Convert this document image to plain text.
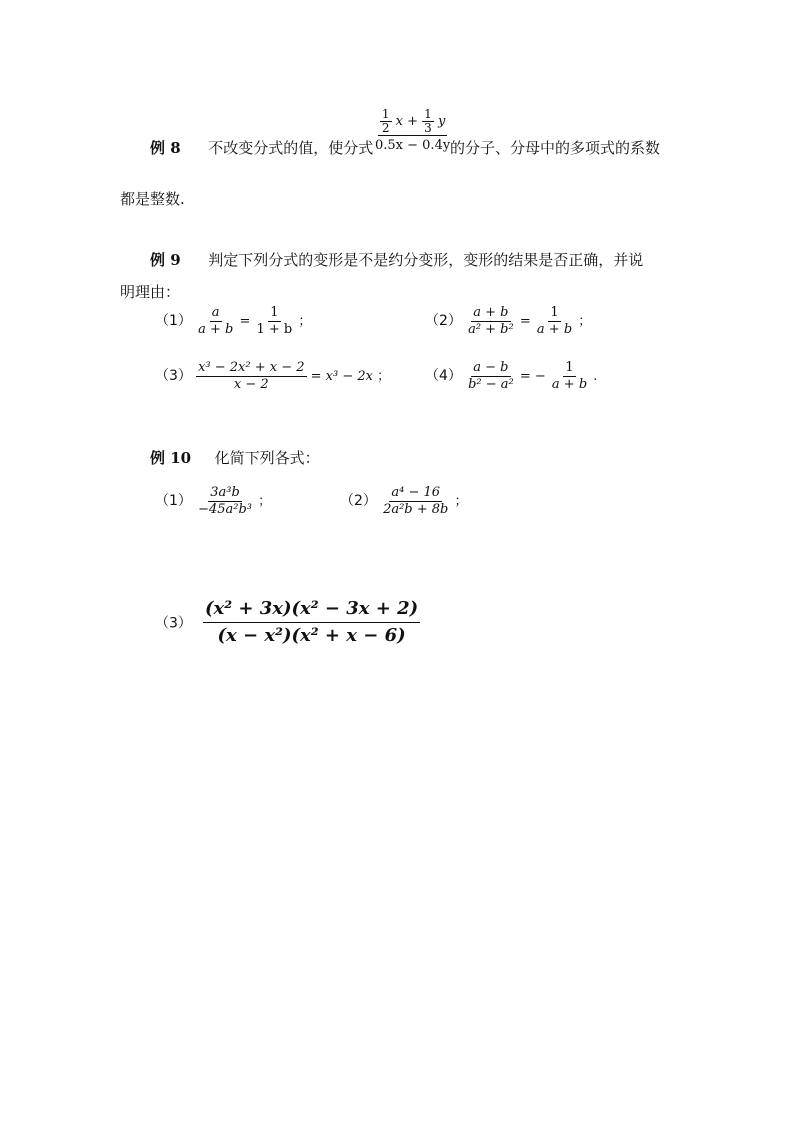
例 8 不改变分式的值，使分式 $\frac{\frac{1}{2} x + \frac{1}{3} y}{0.5x - 0.4y}$
的分子、分母中的多项式的系数
都是整数.
例 9 判定下列分式的变形是不是约分变形，变形的结果是否正确，并说
明理由：
$(1) \frac{a}{a + b} = \frac{1}{1 + b}$ ；	$(2) \frac{a + b}{\text{a² + b²}} = \frac{1}{a + b}$ ；
$(3) \frac{\text{x³ − 2x² + x − 2}}{x - 2} = x^3 - 2x$ ； $(4) \frac{a - b}{\text{b² − a²}}$ = − $\frac{1}{a + b}$ .
例 10 化简下列各式：
$(1) \frac{\text{3a³b}}{\text{−45a²b³}}$ ；	$(2) \frac{\text{a⁴ − 16}}{\text{2a²b + 8b}}$ ；
$(3) \frac{\text{(x² + 3x)(x² − 3x + 2)}}{\text{(x − x²)(x² + x − 6)}}$
